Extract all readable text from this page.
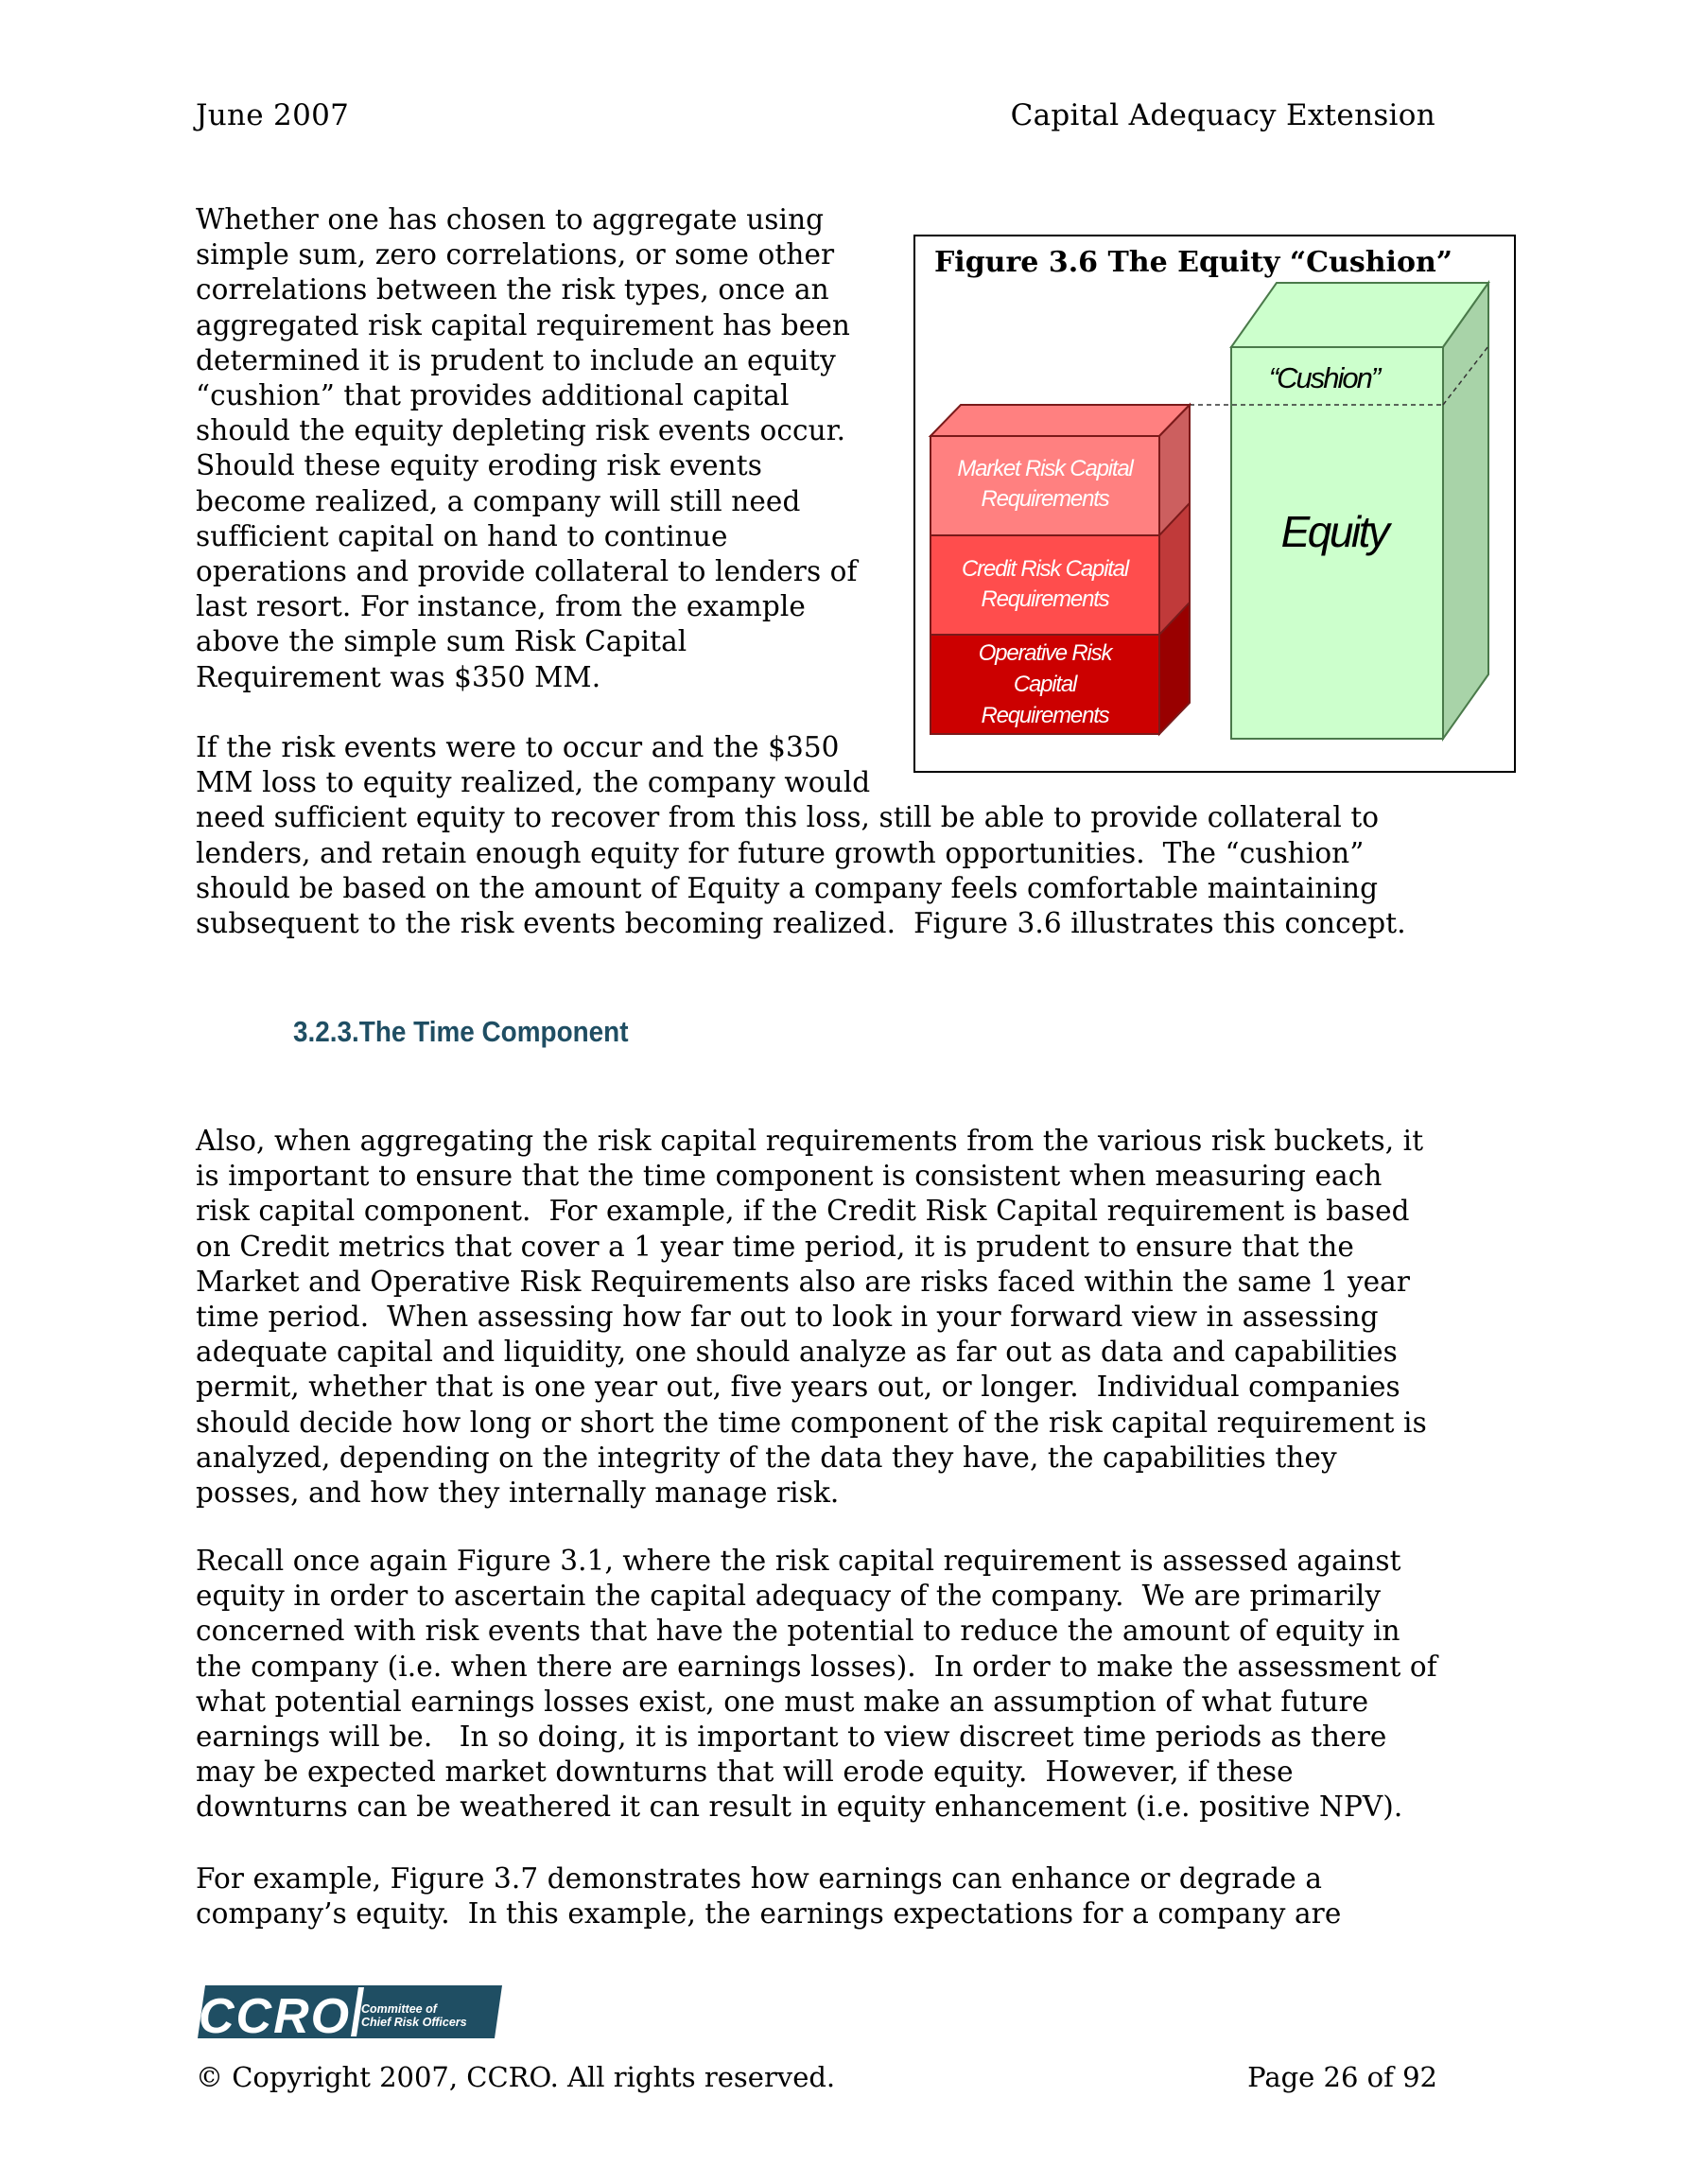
June 2007	Capital Adequacy Extension
Whether one has chosen to aggregate using
simple sum, zero correlations, or some other
correlations between the risk types, once an
aggregated risk capital requirement has been
determined it is prudent to include an equity
“cushion” that provides additional capital
should the equity depleting risk events occur.
Should these equity eroding risk events
become realized, a company will still need
sufficient capital on hand to continue
operations and provide collateral to lenders of
last resort. For instance, from the example
above the simple sum Risk Capital
Requirement was $350 MM.
Figure 3.6 The Equity “Cushion”
Market Risk Capital
Requirements
Credit Risk Capital
Requirements
Operative Risk
Capital
Requirements
“Cushion”
Equity
If the risk events were to occur and the $350
MM loss to equity realized, the company would
need sufficient equity to recover from this loss, still be able to provide collateral to
lenders, and retain enough equity for future growth opportunities.  The “cushion”
should be based on the amount of Equity a company feels comfortable maintaining
subsequent to the risk events becoming realized.  Figure 3.6 illustrates this concept.
3.2.3.The Time Component
Also, when aggregating the risk capital requirements from the various risk buckets, it
is important to ensure that the time component is consistent when measuring each
risk capital component.  For example, if the Credit Risk Capital requirement is based
on Credit metrics that cover a 1 year time period, it is prudent to ensure that the
Market and Operative Risk Requirements also are risks faced within the same 1 year
time period.  When assessing how far out to look in your forward view in assessing
adequate capital and liquidity, one should analyze as far out as data and capabilities
permit, whether that is one year out, five years out, or longer.  Individual companies
should decide how long or short the time component of the risk capital requirement is
analyzed, depending on the integrity of the data they have, the capabilities they
posses, and how they internally manage risk.
Recall once again Figure 3.1, where the risk capital requirement is assessed against
equity in order to ascertain the capital adequacy of the company.  We are primarily
concerned with risk events that have the potential to reduce the amount of equity in
the company (i.e. when there are earnings losses).  In order to make the assessment of
what potential earnings losses exist, one must make an assumption of what future
earnings will be.   In so doing, it is important to view discreet time periods as there
may be expected market downturns that will erode equity.  However, if these
downturns can be weathered it can result in equity enhancement (i.e. positive NPV).
For example, Figure 3.7 demonstrates how earnings can enhance or degrade a
company’s equity.  In this example, the earnings expectations for a company are
CCRO Committee of
Chief Risk Officers
© Copyright 2007, CCRO. All rights reserved.	Page 26 of 92
